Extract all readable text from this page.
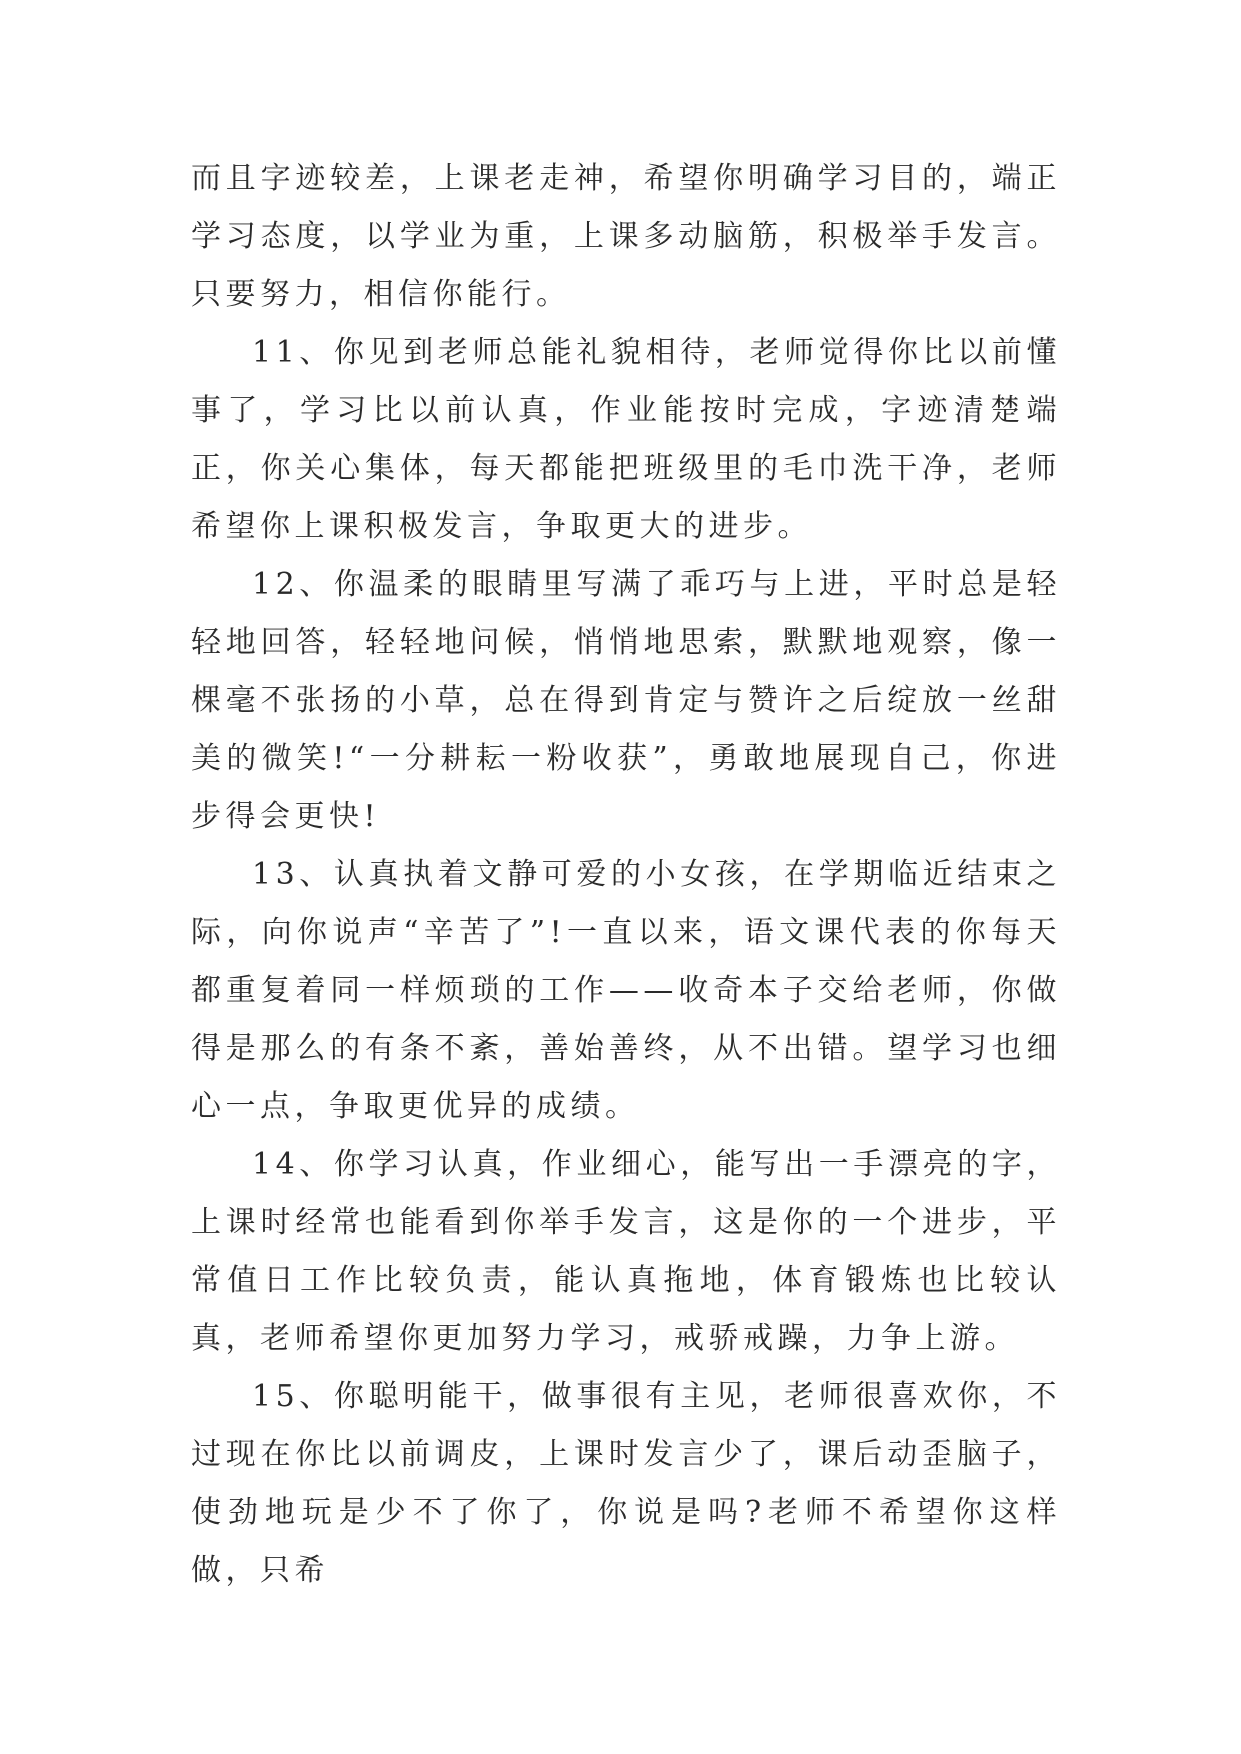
而且字迹较差，上课老走神，希望你明确学习目的，端正学习态度，以学业为重，上课多动脑筋，积极举手发言。只要努力，相信你能行。

11、你见到老师总能礼貌相待，老师觉得你比以前懂事了，学习比以前认真，作业能按时完成，字迹清楚端正，你关心集体，每天都能把班级里的毛巾洗干净，老师希望你上课积极发言，争取更大的进步。

12、你温柔的眼睛里写满了乖巧与上进，平时总是轻轻地回答，轻轻地问候，悄悄地思索，默默地观察，像一棵毫不张扬的小草，总在得到肯定与赞许之后绽放一丝甜美的微笑!“一分耕耘一粉收获”，勇敢地展现自己，你进步得会更快!

13、认真执着文静可爱的小女孩，在学期临近结束之际，向你说声“辛苦了”!一直以来，语文课代表的你每天都重复着同一样烦琐的工作——收奇本子交给老师，你做得是那么的有条不紊，善始善终，从不出错。望学习也细心一点，争取更优异的成绩。

14、你学习认真，作业细心，能写出一手漂亮的字，上课时经常也能看到你举手发言，这是你的一个进步，平常值日工作比较负责，能认真拖地，体育锻炼也比较认真，老师希望你更加努力学习，戒骄戒躁，力争上游。

15、你聪明能干，做事很有主见，老师很喜欢你，不过现在你比以前调皮，上课时发言少了，课后动歪脑子，使劲地玩是少不了你了，你说是吗?老师不希望你这样做，只希
